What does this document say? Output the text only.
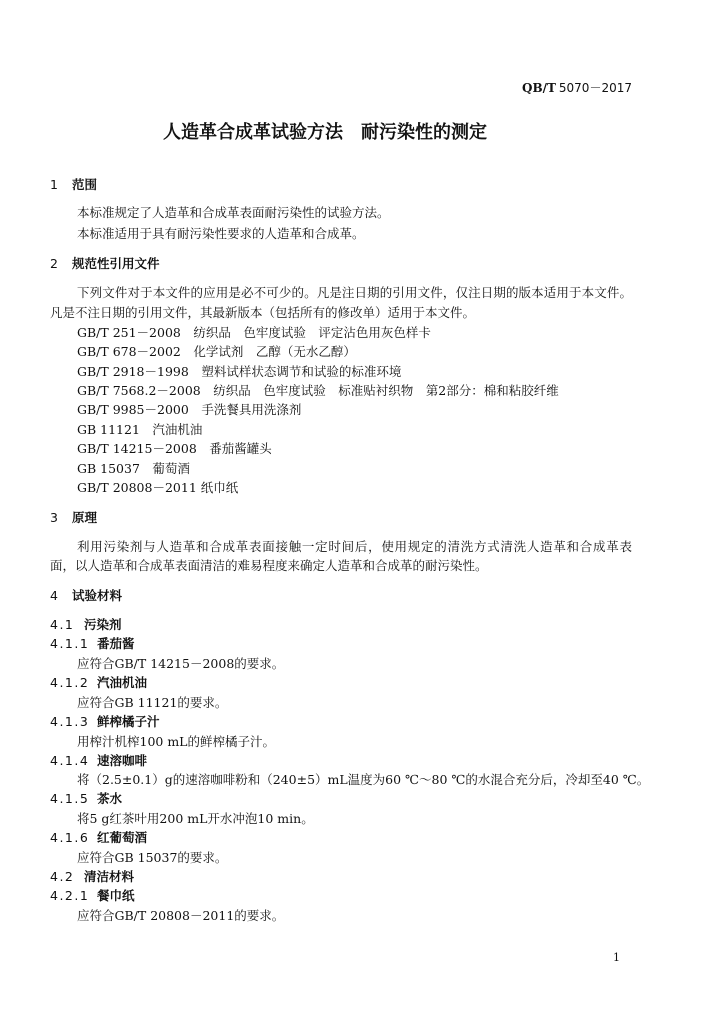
QB/T 5070－2017
人造革合成革试验方法　耐污染性的测定
1 范围
本标准规定了人造革和合成革表面耐污染性的试验方法。
本标准适用于具有耐污染性要求的人造革和合成革。
2 规范性引用文件
下列文件对于本文件的应用是必不可少的。凡是注日期的引用文件，仅注日期的版本适用于本文件。
凡是不注日期的引用文件，其最新版本（包括所有的修改单）适用于本文件。
GB/T 251－2008　纺织品　色牢度试验　评定沾色用灰色样卡
GB/T 678－2002　化学试剂　乙醇（无水乙醇）
GB/T 2918－1998　塑料试样状态调节和试验的标准环境
GB/T 7568.2－2008　纺织品　色牢度试验　标准贴衬织物　第2部分：棉和粘胶纤维
GB/T 9985－2000　手洗餐具用洗涤剂
GB 11121　汽油机油
GB/T 14215－2008　番茄酱罐头
GB 15037　葡萄酒
GB/T 20808－2011 纸巾纸
3 原理
利用污染剂与人造革和合成革表面接触一定时间后，使用规定的清洗方式清洗人造革和合成革表
面，以人造革和合成革表面清洁的难易程度来确定人造革和合成革的耐污染性。
4 试验材料
4.1 污染剂
4.1.1 番茄酱
应符合GB/T 14215－2008的要求。
4.1.2 汽油机油
应符合GB 11121的要求。
4.1.3 鲜榨橘子汁
用榨汁机榨100 mL的鲜榨橘子汁。
4.1.4 速溶咖啡
将（2.5±0.1）g的速溶咖啡粉和（240±5）mL温度为60 ℃～80 ℃的水混合充分后，冷却至40 ℃。
4.1.5 茶水
将5 g红茶叶用200 mL开水冲泡10 min。
4.1.6 红葡萄酒
应符合GB 15037的要求。
4.2 清洁材料
4.2.1 餐巾纸
应符合GB/T 20808－2011的要求。
1
